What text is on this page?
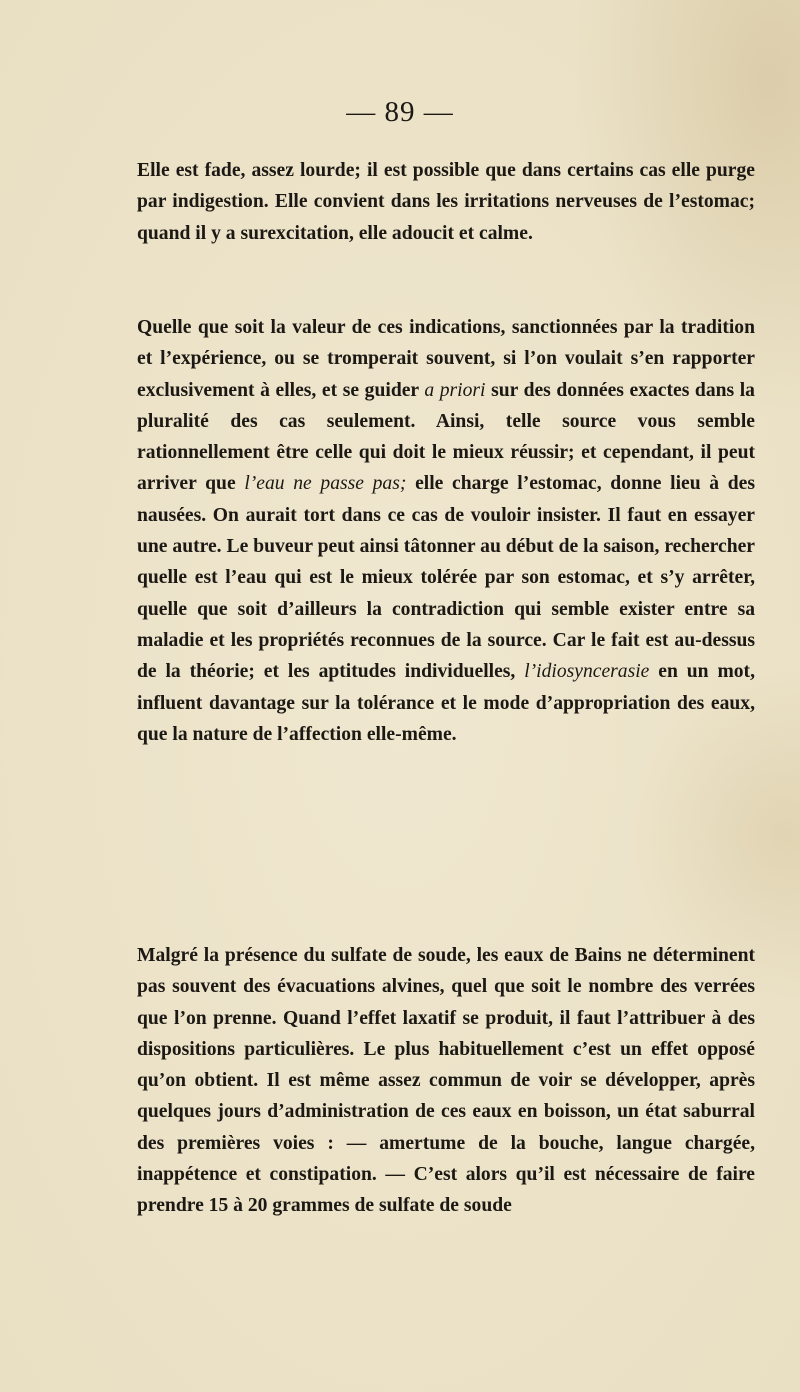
— 89 —

Elle est fade, assez lourde; il est possible que dans certains cas elle purge par indigestion. Elle convient dans les irritations nerveuses de l’estomac; quand il y a surexcitation, elle adoucit et calme.

Quelle que soit la valeur de ces indications, sanctionnées par la tradition et l’expérience, ou se tromperait souvent, si l’on voulait s’en rapporter exclusivement à elles, et se guider a priori sur des données exactes dans la pluralité des cas seulement. Ainsi, telle source vous semble rationnellement être celle qui doit le mieux réussir; et cependant, il peut arriver que l’eau ne passe pas; elle charge l’estomac, donne lieu à des nausées. On aurait tort dans ce cas de vouloir insister. Il faut en essayer une autre. Le buveur peut ainsi tâtonner au début de la saison, rechercher quelle est l’eau qui est le mieux tolérée par son estomac, et s’y arrêter, quelle que soit d’ailleurs la contradiction qui semble exister entre sa maladie et les propriétés reconnues de la source. Car le fait est au-dessus de la théorie; et les aptitudes individuelles, l’idiosyncerasie en un mot, influent davantage sur la tolérance et le mode d’appropriation des eaux, que la nature de l’affection elle-même.

Malgré la présence du sulfate de soude, les eaux de Bains ne déterminent pas souvent des évacuations alvines, quel que soit le nombre des verrées que l’on prenne. Quand l’effet laxatif se produit, il faut l’attribuer à des dispositions particulières. Le plus habituellement c’est un effet opposé qu’on obtient. Il est même assez commun de voir se développer, après quelques jours d’administration de ces eaux en boisson, un état saburral des premières voies : — amertume de la bouche, langue chargée, inappétence et constipation. — C’est alors qu’il est nécessaire de faire prendre 15 à 20 grammes de sulfate de soude
